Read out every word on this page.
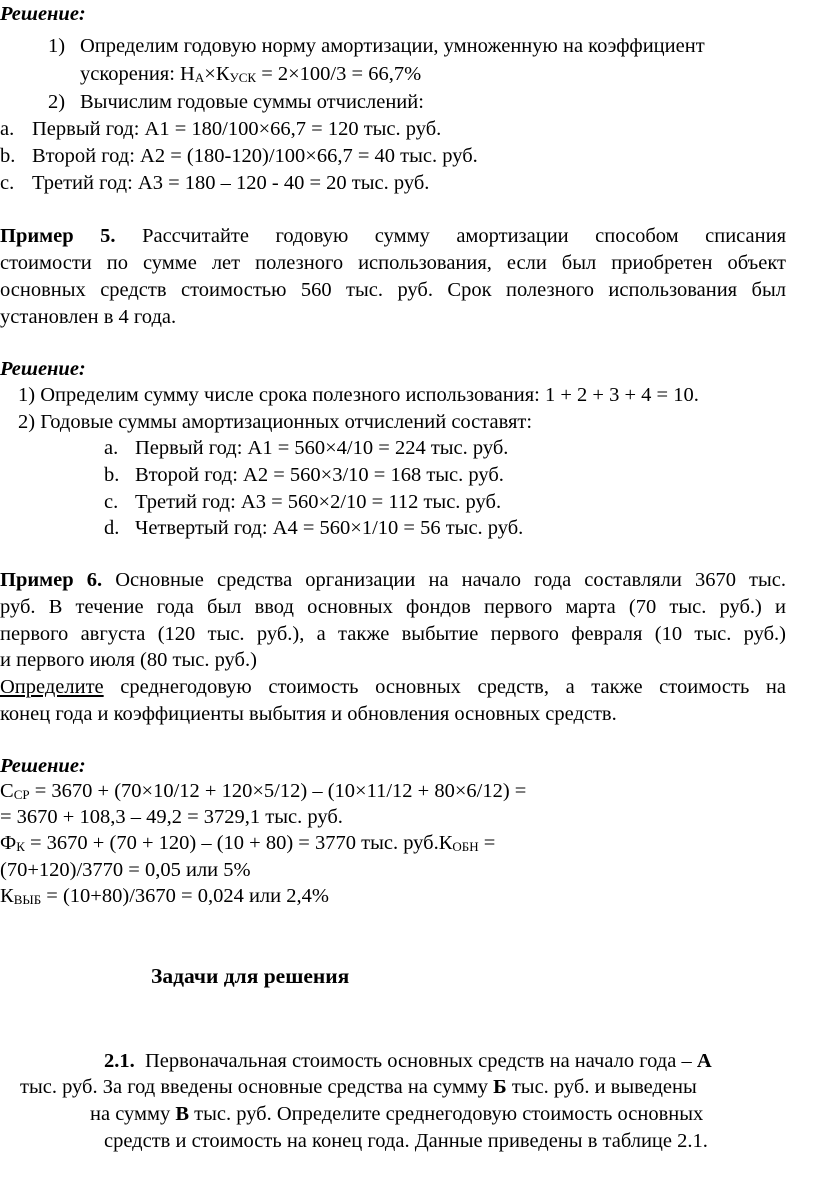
Решение:
1) Определим годовую норму амортизации, умноженную на коэффициент
ускорения: $Н_А\times К_{УСК} = 2\times 100/3 = 66,7\%$
2) Вычислим годовые суммы отчислений:
a. Первый год: А1 = 180/100×66,7 = 120 тыс. руб.
b. Второй год: А2 = (180-120)/100×66,7 = 40 тыс. руб.
c. Третий год: А3 = 180 – 120 - 40 = 20 тыс. руб.
Пример 5. Рассчитайте годовую сумму амортизации способом списания
стоимости по сумме лет полезного использования, если был приобретен объект
основных средств стоимостью 560 тыс. руб. Срок полезного использования был
установлен в 4 года.
Решение:
1) Определим сумму числе срока полезного использования: 1 + 2 + 3 + 4 = 10.
2) Годовые суммы амортизационных отчислений составят:
a. Первый год: А1 = 560×4/10 = 224 тыс. руб.
b. Второй год: А2 = 560×3/10 = 168 тыс. руб.
c. Третий год: А3 = 560×2/10 = 112 тыс. руб.
d. Четвертый год: А4 = 560×1/10 = 56 тыс. руб.
Пример 6. Основные средства организации на начало года составляли 3670 тыс.
руб. В течение года был ввод основных фондов первого марта (70 тыс. руб.) и
первого августа (120 тыс. руб.), а также выбытие первого февраля (10 тыс. руб.)
и первого июля (80 тыс. руб.)
Определите среднегодовую стоимость основных средств, а также стоимость на
конец года и коэффициенты выбытия и обновления основных средств.
Решение:
$С_{СР} = 3670 + (70\times 10/12 + 120\times 5/12) - (10\times 11/12 + 80\times 6/12)$ =
= 3670 + 108,3 – 49,2 = 3729,1 тыс. руб.
$Ф_К = 3670 + (70 + 120) - (10 + 80) = 3770$ тыс. $руб.К_{ОБН}$ =
(70+120)/3770 = 0,05 или 5%
$К_{ВЫБ} = (10+80)/3670 = 0,024$ или 2,4%
Задачи для решения
2.1. Первоначальная стоимость основных средств на начало года – А
тыс. руб. За год введены основные средства на сумму Б тыс. руб. и выведены
на сумму В тыс. руб. Определите среднегодовую стоимость основных
средств и стоимость на конец года. Данные приведены в таблице 2.1.
